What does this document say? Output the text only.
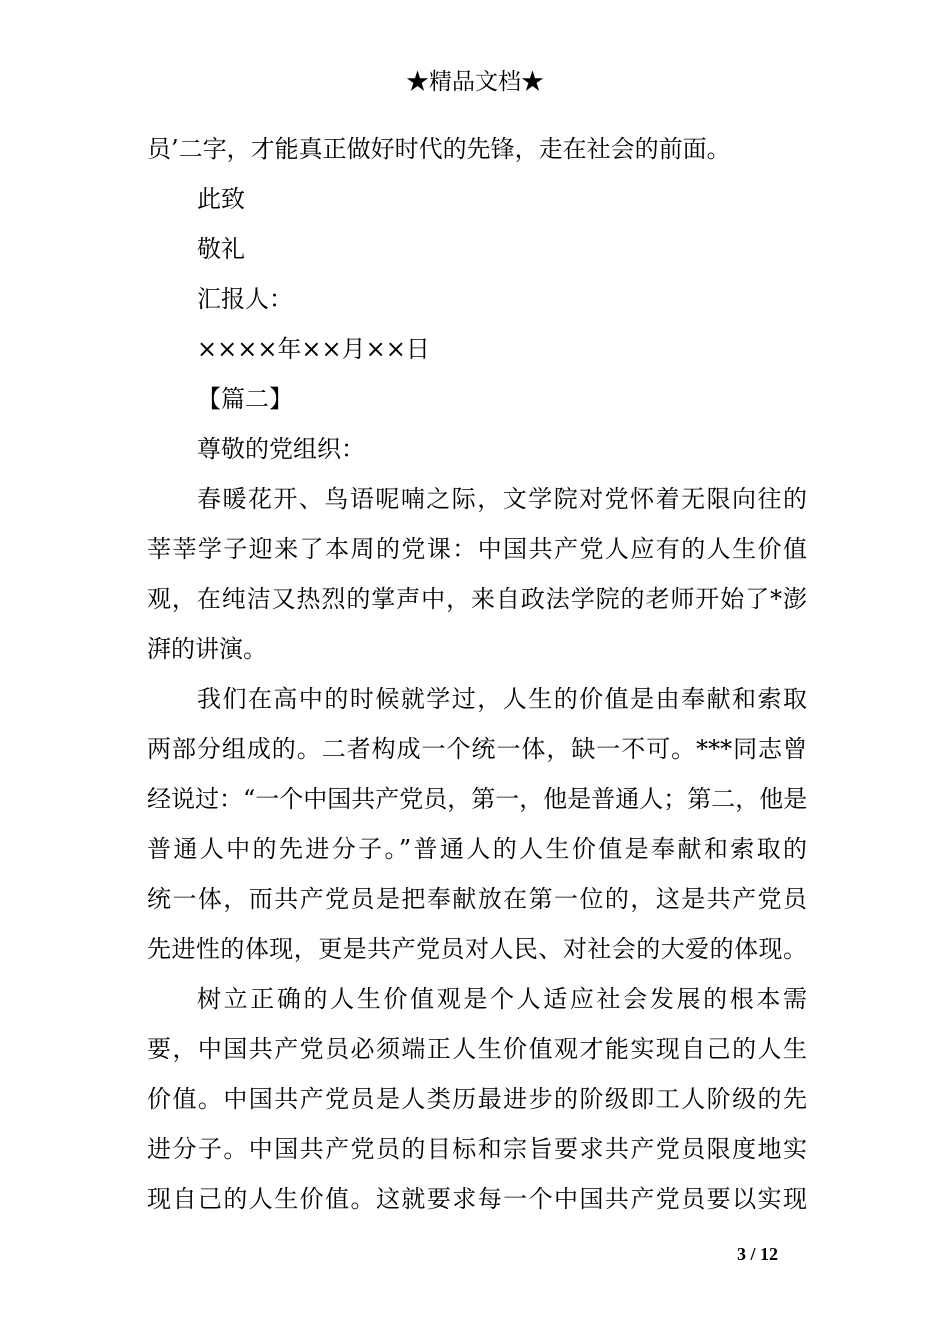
★精品文档★
员’二字，才能真正做好时代的先锋，走在社会的前面。
此致
敬礼
汇报人：
××××年××月××日
【篇二】
尊敬的党组织：
春暖花开、鸟语呢喃之际，文学院对党怀着无限向往的
莘莘学子迎来了本周的党课：中国共产党人应有的人生价值
观，在纯洁又热烈的掌声中，来自政法学院的老师开始了*澎
湃的讲演。
我们在高中的时候就学过，人生的价值是由奉献和索取
两部分组成的。二者构成一个统一体，缺一不可。***同志曾
经说过：“一个中国共产党员，第一，他是普通人；第二，他是
普通人中的先进分子。”普通人的人生价值是奉献和索取的
统一体，而共产党员是把奉献放在第一位的，这是共产党员
先进性的体现，更是共产党员对人民、对社会的大爱的体现。
树立正确的人生价值观是个人适应社会发展的根本需
要，中国共产党员必须端正人生价值观才能实现自己的人生
价值。中国共产党员是人类历最进步的阶级即工人阶级的先
进分子。中国共产党员的目标和宗旨要求共产党员限度地实
现自己的人生价值。这就要求每一个中国共产党员要以实现
3 / 12
